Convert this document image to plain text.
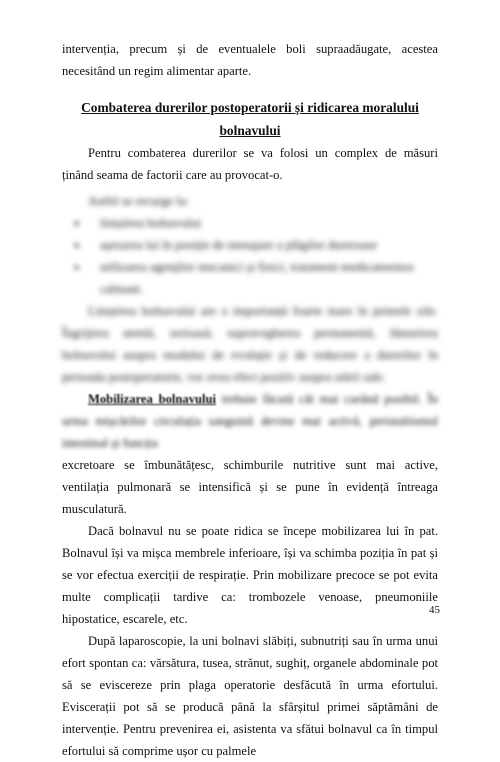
intervenția, precum și de eventualele boli supraadăugate, acestea necesitând un regim alimentar aparte.

Combaterea durerilor postoperatorii și ridicarea moralului bolnavului

Pentru combaterea durerilor se va folosi un complex de măsuri ținând seama de factorii care au provocat-o.

Astfel se recurge la:

● liniștirea bolnavului
● așezarea lui în poziție de menajare a plăgilor dureroase
● utilizarea agenților mecanici și fizici, tratament medicamentos calmant.

Liniștirea bolnavului are o importanță foarte mare în primele zile. Îngrijirea atentă, serioasă, supravegherea permanentă, lămurirea bolnavului asupra modului de evoluție și de reducere a durerilor în perioada postoperatorie, vor avea efect pozitiv asupra stării sale.

Mobilizarea bolnavului trebuie făcută cât mai curând posibil. În urma mișcărilor circulația sanguină devine mai activă, peristaltismul intestinal și funcția

excretoare se îmbunătățesc, schimburile nutritive sunt mai active, ventilația pulmonară se intensifică și se pune în evidență întreaga musculatură.

Dacă bolnavul nu se poate ridica se începe mobilizarea lui în pat. Bolnavul își va mișca membrele inferioare, își va schimba poziția în pat și se vor efectua exerciții de respirație. Prin mobilizare precoce se pot evita multe complicații tardive ca: trombozele venoase, pneumoniile hipostatice, escarele, etc.

După laparoscopie, la uni bolnavi slăbiți, subnutriți sau în urma unui efort spontan ca: vărsătura, tusea, strănut, sughiț, organele abdominale pot să se eviscereze prin plaga operatorie desfăcută în urma efortului. Eviscerații pot să se producă până la sfârșitul primei săptămâni de intervenție. Pentru prevenirea ei, asistenta va sfătui bolnavul ca în timpul efortului să comprime ușor cu palmele

45
